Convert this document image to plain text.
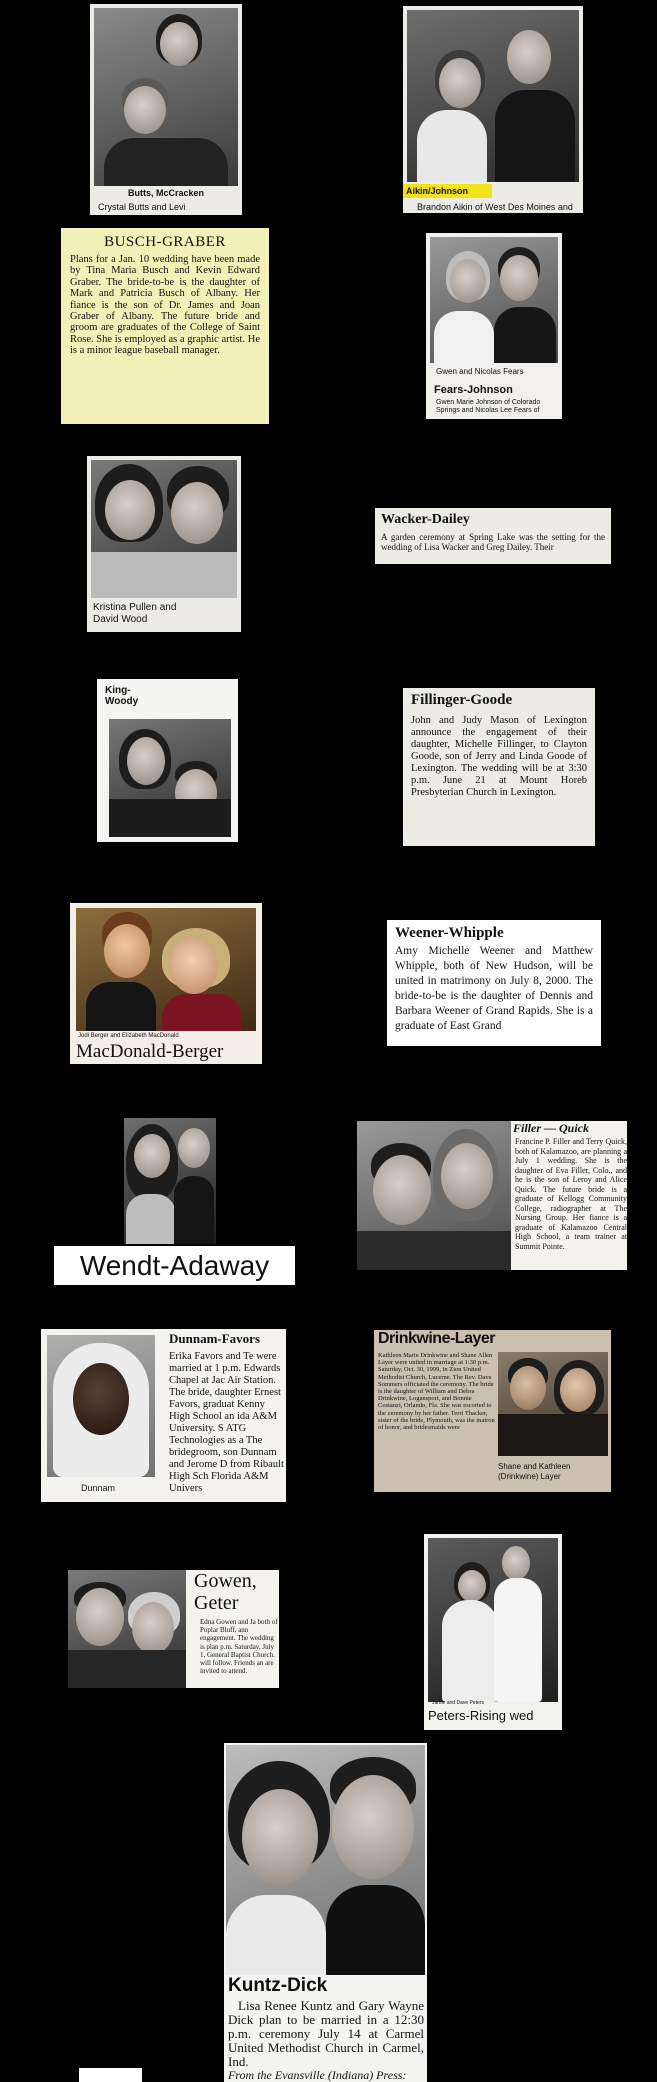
Butts, McCracken
Crystal Butts and Levi
Aikin/Johnson
Brandon Aikin of West Des Moines and
BUSCH-GRABER
Plans for a Jan. 10 wedding have been made by Tina Maria Busch and Kevin Edward Graber. The bride-to-be is the daughter of Mark and Patricia Busch of Albany. Her fiance is the son of Dr. James and Joan Graber of Albany. The future bride and groom are graduates of the College of Saint Rose. She is employed as a graphic artist. He is a minor league baseball manager.
Gwen and Nicolas Fears
Fears-Johnson
Gwen Marie Johnson of Colorado Springs and Nicolas Lee Fears of
Kristina Pullen and David Wood
Wacker-Dailey
A garden ceremony at Spring Lake was the setting for the wedding of Lisa Wacker and Greg Dailey. Their
King-Woody	Fillinger-Goode
John and Judy Mason of Lexington announce the engagement of their daughter, Michelle Fillinger, to Clayton Goode, son of Jerry and Linda Goode of Lexington. The wedding will be at 3:30 p.m. June 21 at Mount Horeb Presbyterian Church in Lexington.
Jodi Berger and Elizabeth MacDonald
MacDonald-Berger
Weener-Whipple
Amy Michelle Weener and Matthew Whipple, both of New Hudson, will be united in matrimony on July 8, 2000. The bride-to-be is the daughter of Dennis and Barbara Weener of Grand Rapids. She is a graduate of East Grand
Wendt-Adaway
Filler — Quick
Francine P. Filler and Terry Quick, both of Kalamazoo, are planning a July 1 wedding. She is the daughter of Eva Filler, Colo., and he is the son of Leroy and Alice Quick. The future bride is a graduate of Kellogg Community College, radiographer at The Nursing Group. Her fiance is a graduate of Kalamazoo Central High School, a team trainer at Summit Pointe.
Dunnam
Dunnam-Favors
Erika Favors and Te were married at 1 p.m. Edwards Chapel at Jac Air Station. The bride, daughter Ernest Favors, graduat Kenny High School an ida A&M University. S ATG Technologies as a The bridegroom, son Dunnam and Jerome D from Ribault High Sch Florida A&M Univers
Drinkwine-Layer
Kathleen Marie Drinkwine and Shane Allen Layer were united in marriage at 1:30 p.m. Saturday, Oct. 30, 1999, in Zion United Methodist Church, Lucerne. The Rev. Dave Sommers officiated the ceremony. The bride is the daughter of William and Debra Drinkwine, Logansport, and Bonnie Costanzi, Orlando, Fla. She was escorted to the ceremony by her father. Terri Thacker, sister of the bride, Plymouth, was the matron of honor, and bridesmaids were
Shane and Kathleen (Drinkwine) Layer
Gowen, Geter
Edna Gowen and Ja both of Poplar Bluff, ann engagement. The wedding is plan p.m. Saturday, July 1, General Baptist Church. will follow. Friends an are invited to attend.
Jamie and Dave Peters
Peters-Rising wed
Kuntz-Dick
Lisa Renee Kuntz and Gary Wayne Dick plan to be married in a 12:30 p.m. ceremony July 14 at Carmel United Methodist Church in Carmel, Ind.
From the Evansville (Indiana) Press:
